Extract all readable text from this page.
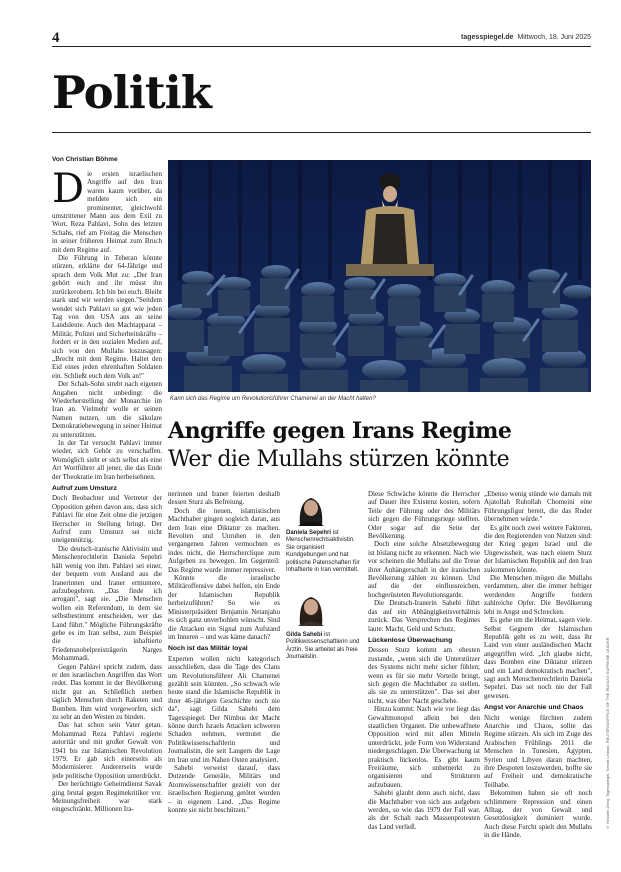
4	tagesspiegel.de Mittwoch, 18. Juni 2025
Politik
Von Christian Böhme

Die ersten israelischen Angriffe auf den Iran waren kaum vorüber, da meldete sich ein prominenter, gleichwohl umstrittener Mann aus dem Exil zu Wort. Reza Pahlavi, Sohn des letzten Schahs, rief am Freitag die Menschen in seiner früheren Heimat zum Bruch mit dem Regime auf.

Die Führung in Teheran könnte stürzen, erklärte der 64-Jährige und sprach dem Volk Mut zu: „Der Iran gehört euch und ihr müsst ihn zurückerobern. Ich bin bei euch. Bleibt stark und wir werden siegen."Seitdem wendet sich Pahlavi so gut wie jeden Tag von den USA aus an seine Landsleute. Auch den Machtapparat – Militär, Polizei und Sicherheitskräfte – fordert er in den sozialen Medien auf, sich von den Mullahs loszusagen: „Brecht mit dem Regime. Haltet den Eid eines jeden ehrenhaften Soldaten ein. Schließt euch dem Volk an!"

Der Schah-Sohn strebt nach eigenen Angaben nicht unbedingt die Wiederherstellung der Monarchie im Iran an. Vielmehr wolle er seinen Namen nutzen, um die säkulare Demokratiebewegung in seiner Heimat zu unterstützen.

In der Tat versucht Pahlavi immer wieder, sich Gehör zu verschaffen. Womöglich sieht er sich selbst als eine Art Wortführer all jener, die das Ende der Theokratie im Iran herbeisehnen.

Aufruf zum Umsturz

Doch Beobachter und Vertreter der Opposition gehen davon aus, dass sich Pahlavi für eine Zeit ohne die jetzigen Herrscher in Stellung bringt. Der Aufruf zum Umsturz sei nicht uneigennützig.

Die deutsch-iranische Aktivistin und Menschenrechtlerin Daniela Sepehri hält wenig von ihm. Pahlavi sei einer, der bequem vom Ausland aus die Iranerinnen und Iraner ermuntere, aufzubegehren. „Das finde ich arrogant", sagt sie. „Die Menschen wollen ein Referendum, in dem sie selbstbestimmt entscheiden, wer das Land führt." Mögliche Führungskräfte gebe es im Iran selbst, zum Beispiel die inhaftierte Friedensnobelpreisträgerin Narges Mohammadi.

Gegen Pahlavi spricht zudem, dass er den israelischen Angriffen das Wort redet. Das kommt in der Bevölkerung nicht gut an. Schließlich sterben täglich Menschen durch Raketen und Bomben. Ihm wird vorgeworfen, sich zu sehr an den Westen zu binden.

Das hat schon sein Vater getan. Mohammad Reza Pahlavi regierte autoritär und mit großer Gewalt von 1941 bis zur Islamischen Revolution 1979. Er gab sich einerseits als Modernisierer. Andererseits wurde jede politische Opposition unterdrückt.

Der berüchtigte Geheimdienst Savak ging brutal gegen Regimekritiker vor. Meinungsfreiheit war stark eingeschränkt. Millionen Ira-

Kann sich das Regime um Revolutionsführer Chamenei an der Macht halten?
© Hossein Zeraj, Tagesspiegel, Nemat Leiman, REUTERS/OFFICE OF THE IRANIAN SUPREME LEADER
Angriffe gegen Irans Regime
Wer die Mullahs stürzen könnte

nerinnen und Iraner feierten deshalb dessen Sturz als Befreiung.

Doch die neuen, islamistischen Machthaber gingen sogleich daran, aus dem Iran eine Diktatur zu machen. Revolten und Unruhen in den vergangenen Jahren vermochten es indes nicht, die Herrscherclique zum Aufgeben zu bewegen. Im Gegenteil: Das Regime wurde immer repressiver.

Könnte die israelische Militäroffensive dabei helfen, ein Ende der Islamischen Republik herbeizuführen? So wie es Ministerpräsident Benjamin Netanjahu es sich ganz unverhohlen wünscht. Sind die Attacken ein Signal zum Aufstand im Inneren – und was käme danach?

Noch ist das Militär loyal

Experten wollen nicht kategorisch ausschließen, dass die Tage des Clans um Revolutionsführer Ali Chamenei gezählt sein könnten. „So schwach wie heute stand die Islamische Republik in ihrer 46-jährigen Geschichte noch nie da", sagt Gilda Sahebi dem Tagesspiegel. Der Nimbus der Macht könne durch Israels Attacken schweren Schaden nehmen, vermutet die Politikwissenschaftlerin und Journalistin, die seit Langem die Lage im Iran und im Nahen Osten analysiert.

Sahebi verweist darauf, dass Dutzende Generäle, Militärs und Atomwissenschaftler gezielt von der israelischen Regierung getötet wurden – in eigenem Land. „Das Regime konnte sie nicht beschützen."

Daniela Sepehri ist Menschenrechtsaktivistin. Sie organisiert Kundgebungen und hat politische Patenschaften für Inhaftierte in Iran vermittelt.
Gilda Sahebi ist Politikwissenschaftlerin und Ärztin. Sie arbeitet als freie Journalistin.

Diese Schwäche könnte die Herrscher auf Dauer ihre Existenz kosten, sofern Teile der Führung oder des Militärs sich gegen die Führungsriege stellten. Oder sogar auf die Seite der Bevölkerung.

Doch eine solche Absetzbewegung ist bislang nicht zu erkennen. Nach wie vor scheinen die Mullahs auf die Treue ihrer Anhängerschaft in der iranischen Bevölkerung zählen zu können. Und auf die der einflussreichen, hochgerüsteten Revolutionsgarde.

Die Deutsch-Iranerin Sahebi führt das auf ein Abhängigkeitsverhältnis zurück. Das Versprechen des Regimes laute: Macht, Geld und Schutz.

Lückenlose Überwachung

Dessen Sturz kommt am ehesten zustande, „wenn sich die Unterstützer des Systems nicht mehr sicher fühlen; wenn es für sie mehr Vorteile bringt, sich gegen die Machthaber zu stellen, als sie zu unterstützen". Das sei aber nicht, was über Nacht geschehe.

Hinzu kommt: Nach wie vor liegt das Gewaltmonopol allein bei den staatlichen Organen. Die unbewaffnete Opposition wird mit allen Mitteln unterdrückt, jede Form von Widerstand niedergeschlagen. Die Überwachung ist praktisch lückenlos. Es gibt kaum Freiräume, sich unbemerkt zu organisieren und Strukturen aufzubauen.

Sahebi glaubt denn auch nicht, dass die Machthaber von sich aus aufgeben werden, so wie das 1979 der Fall war, als der Schah nach Massenprotesten das Land verließ.

„Ebenso wenig stünde wie damals mit Ajatollah Ruhollah Chomeini eine Führungsfigur bereit, die das Ruder übernehmen würde."

Es gibt noch zwei weitere Faktoren, die den Regierenden von Nutzen sind: der Krieg gegen Israel und die Ungewissheit, was nach einem Sturz der Islamischen Republik auf den Iran zukommen könnte.

Die Menschen mögen die Mullahs verdammen, aber die immer heftiger werdenden Angriffe fordern zahlreiche Opfer. Die Bevölkerung lebt in Angst und Schrecken.

Es gehe um die Heimat, sagen viele. Selbst Gegnern der Islamischen Republik geht es zu weit, dass ihr Land von einer ausländischen Macht angegriffen wird. „Ich glaube nicht, dass Bomben eine Diktatur stürzen und ein Land demokratisch machen", sagt auch Menschenrechtlerin Daniela Sepehri. Das sei noch nie der Fall gewesen.

Angst vor Anarchie und Chaos

Nicht wenige fürchten zudem Anarchie und Chaos, sollte das Regime stürzen. Als sich im Zuge des Arabischen Frühlings 2011 die Menschen in Tunesien, Ägypten, Syrien und Libyen daran machten, ihre Despoten loszuwerden, hoffte sie auf Freiheit und demokratische Teilhabe.

Bekommen haben sie oft noch schlimmere Repression und einen Alltag, der von Gewalt und Gesetzlosigkeit dominiert wurde. Auch diese Furcht spielt den Mullahs in die Hände.
